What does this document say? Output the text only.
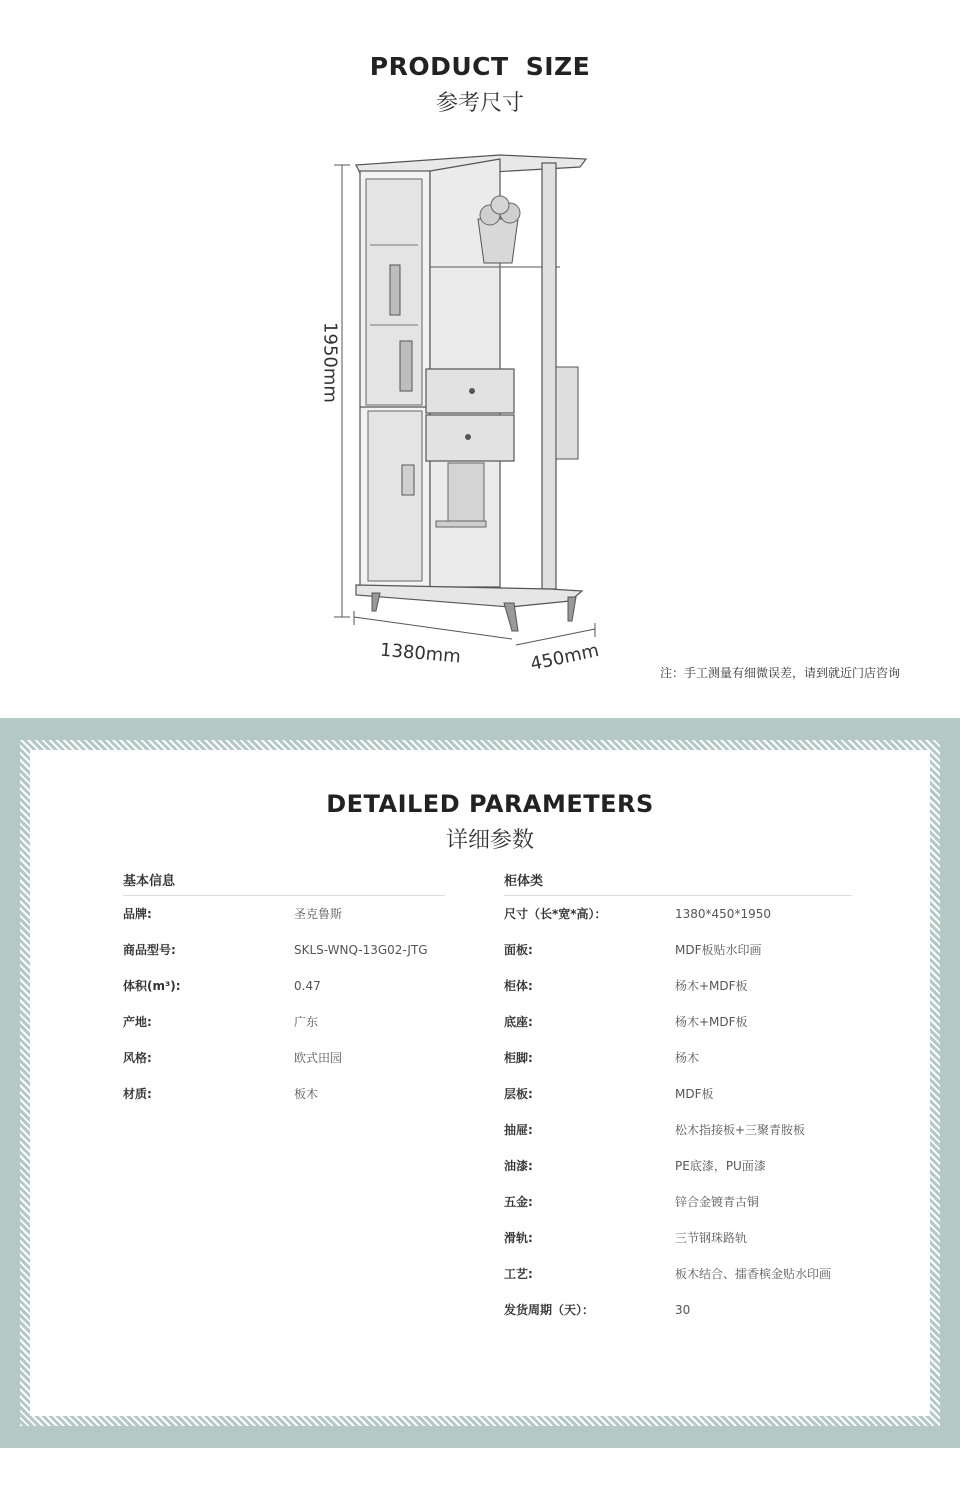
PRODUCT SIZE
参考尺寸
1950mm
1380mm	450mm	注：手工测量有细微误差，请到就近门店咨询
DETAILED PARAMETERS
详细参数
基本信息
品牌:	圣克鲁斯
商品型号:	SKLS-WNQ-13G02-JTG
体积(m³):	0.47
产地:	广东
风格:	欧式田园
材质:	板木
柜体类
尺寸（长*宽*高）：	1380*450*1950
面板:	MDF板贴水印画
柜体:	杨木+MDF板
底座:	杨木+MDF板
柜脚:	杨木
层板:	MDF板
抽屉:	松木指接板+三聚青胺板
油漆:	PE底漆，PU面漆
五金:	锌合金镀青古铜
滑轨:	三节钢珠路轨
工艺:	板木结合、擂香槟金贴水印画
发货周期（天）：	30
